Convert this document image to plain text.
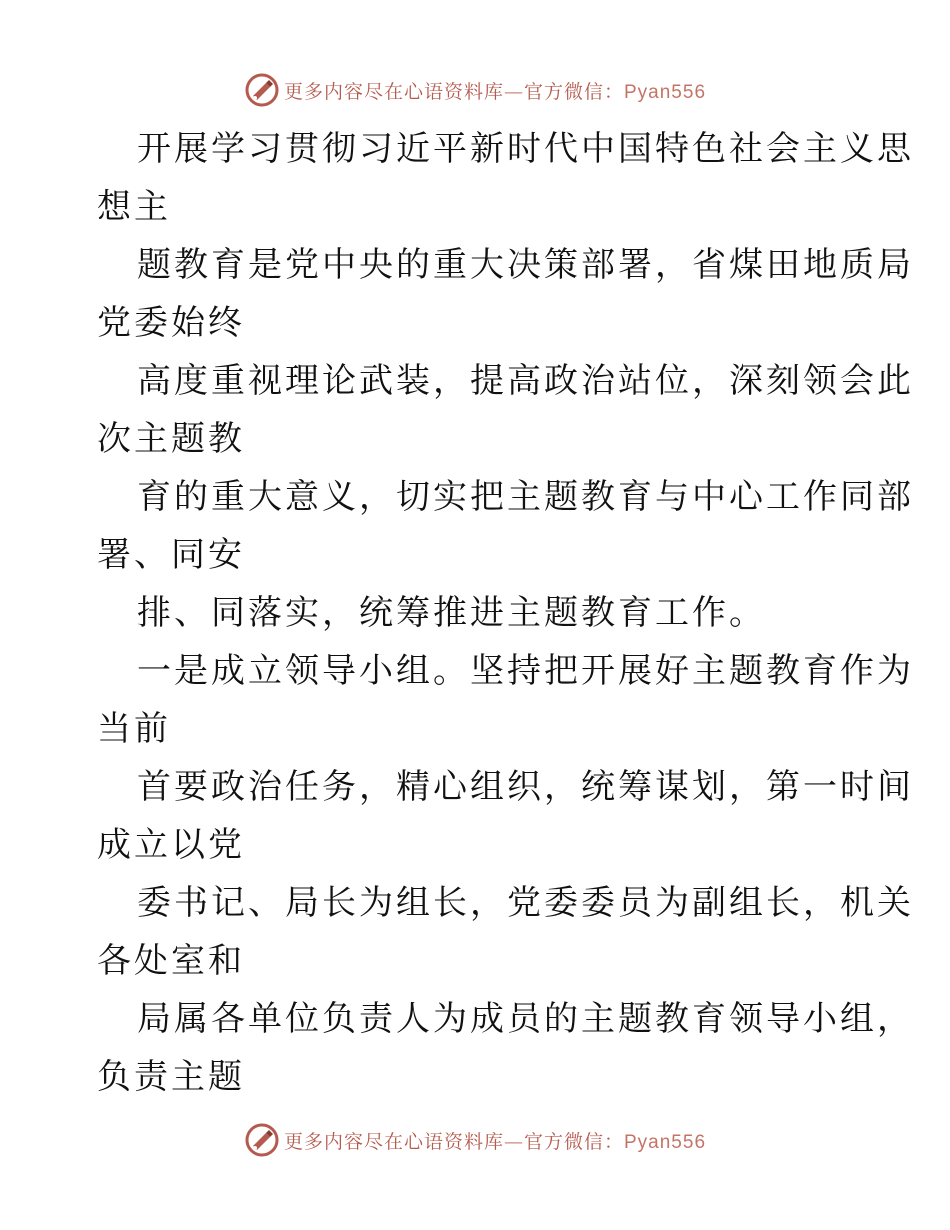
更多内容尽在心语资料库—官方微信：Pyan556
开展学习贯彻习近平新时代中国特色社会主义思
想主
题教育是党中央的重大决策部署，省煤田地质局
党委始终
高度重视理论武装，提高政治站位，深刻领会此
次主题教
育的重大意义，切实把主题教育与中心工作同部
署、同安
排、同落实，统筹推进主题教育工作。
一是成立领导小组。坚持把开展好主题教育作为
当前
首要政治任务，精心组织，统筹谋划，第一时间
成立以党
委书记、局长为组长，党委委员为副组长，机关
各处室和
局属各单位负责人为成员的主题教育领导小组，
负责主题
更多内容尽在心语资料库—官方微信：Pyan556
